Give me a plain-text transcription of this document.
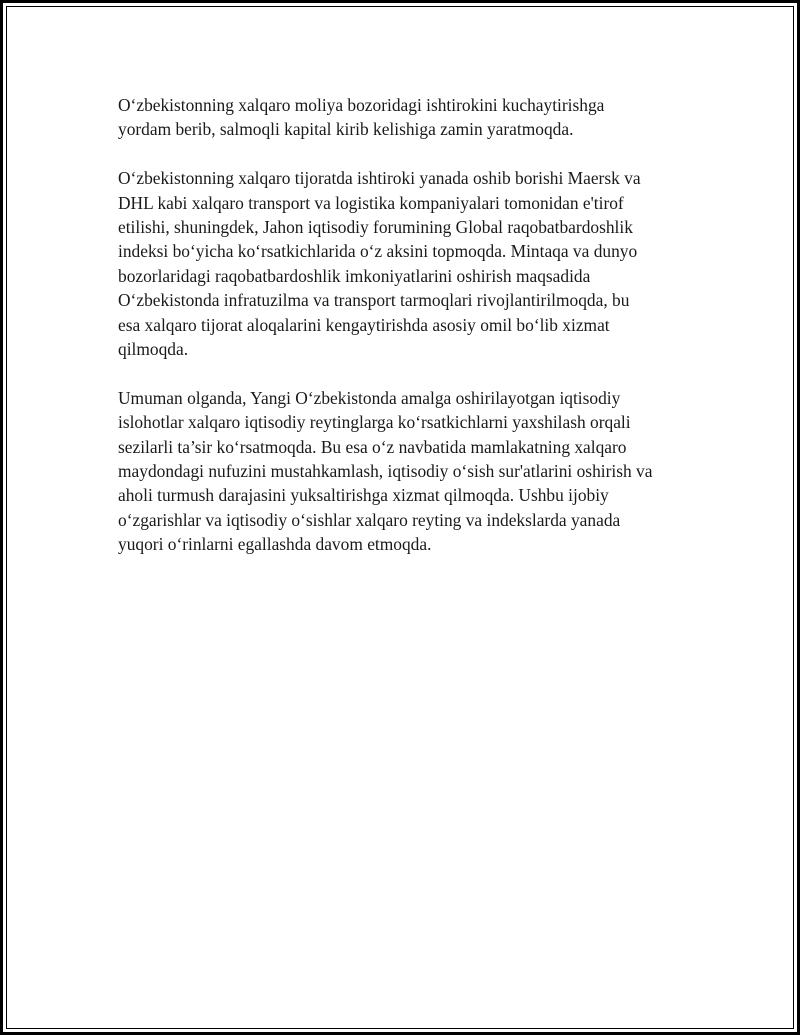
O‘zbekistonning xalqaro moliya bozoridagi ishtirokini kuchaytirishga
yordam berib, salmoqli kapital kirib kelishiga zamin yaratmoqda.

O‘zbekistonning xalqaro tijoratda ishtiroki yanada oshib borishi Maersk va
DHL kabi xalqaro transport va logistika kompaniyalari tomonidan e'tirof
etilishi, shuningdek, Jahon iqtisodiy forumining Global raqobatbardoshlik
indeksi bo‘yicha ko‘rsatkichlarida o‘z aksini topmoqda. Mintaqa va dunyo
bozorlaridagi raqobatbardoshlik imkoniyatlarini oshirish maqsadida
O‘zbekistonda infratuzilma va transport tarmoqlari rivojlantirilmoqda, bu
esa xalqaro tijorat aloqalarini kengaytirishda asosiy omil bo‘lib xizmat
qilmoqda.

Umuman olganda, Yangi O‘zbekistonda amalga oshirilayotgan iqtisodiy
islohotlar xalqaro iqtisodiy reytinglarga ko‘rsatkichlarni yaxshilash orqali
sezilarli ta’sir ko‘rsatmoqda. Bu esa o‘z navbatida mamlakatning xalqaro
maydondagi nufuzini mustahkamlash, iqtisodiy o‘sish sur'atlarini oshirish va
aholi turmush darajasini yuksaltirishga xizmat qilmoqda. Ushbu ijobiy
o‘zgarishlar va iqtisodiy o‘sishlar xalqaro reyting va indekslarda yanada
yuqori o‘rinlarni egallashda davom etmoqda.
